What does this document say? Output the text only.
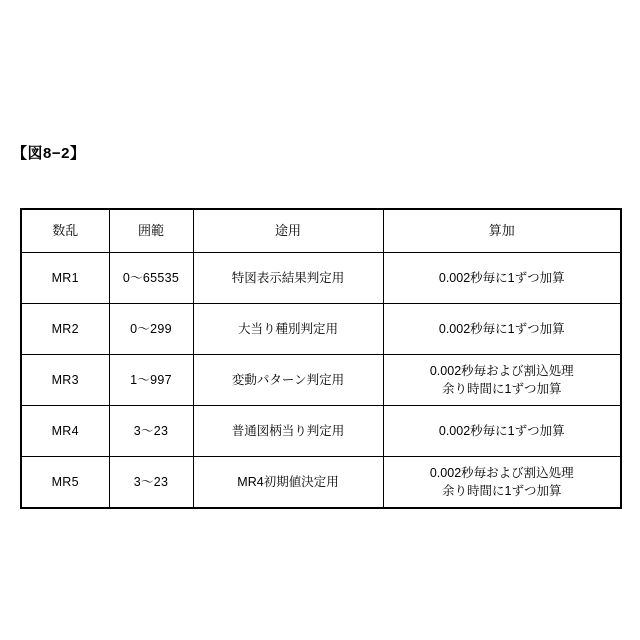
【図8−2】
数乱	囲範	途用	算加

MR1	0〜65535	特図表示結果判定用	0.002秒毎に1ずつ加算

MR2	0〜299	大当り種別判定用	0.002秒毎に1ずつ加算

MR3	1〜997	変動パターン判定用	0.002秒毎および割込処理
余り時間に1ずつ加算

MR4	3〜23	普通図柄当り判定用	0.002秒毎に1ずつ加算

MR5	3〜23	MR4初期値決定用	0.002秒毎および割込処理
余り時間に1ずつ加算
